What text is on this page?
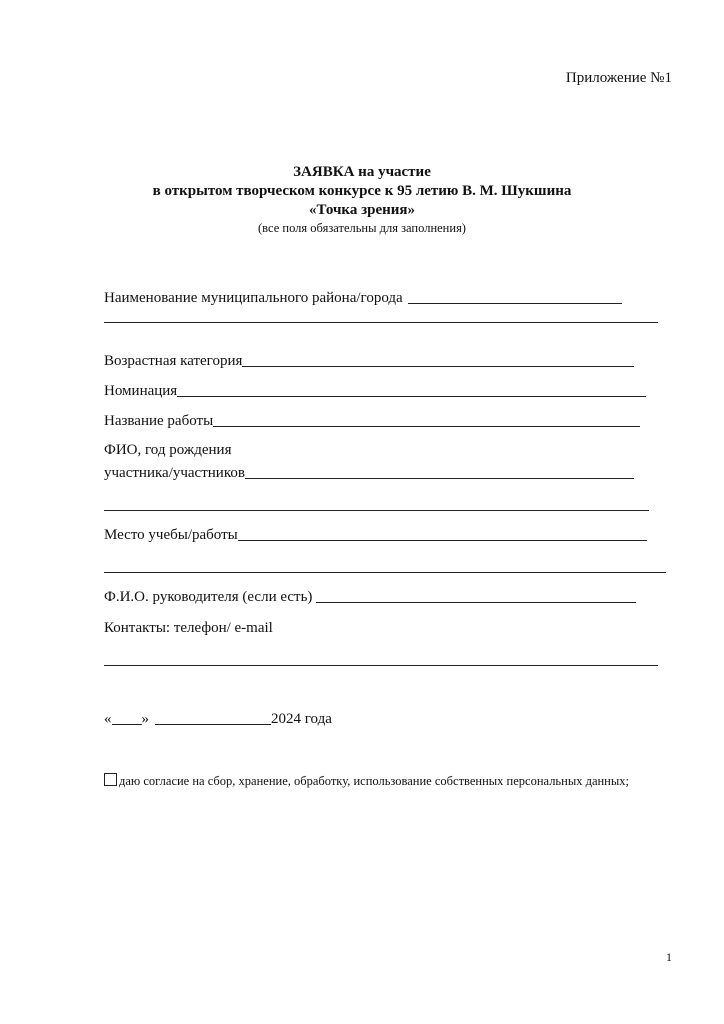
Приложение №1
ЗАЯВКА на участие
в открытом творческом конкурсе к 95 летию В. М. Шукшина
«Точка зрения»
(все поля обязательны для заполнения)
Наименование муниципального района/города
Возрастная категория
Номинация
Название работы
ФИО, год рождения
участника/участников
Место учебы/работы
Ф.И.О. руководителя (если есть)
Контакты: телефон/ e-mail
« »	2024 года
даю согласие на сбор, хранение, обработку, использование собственных персональных данных;
1
